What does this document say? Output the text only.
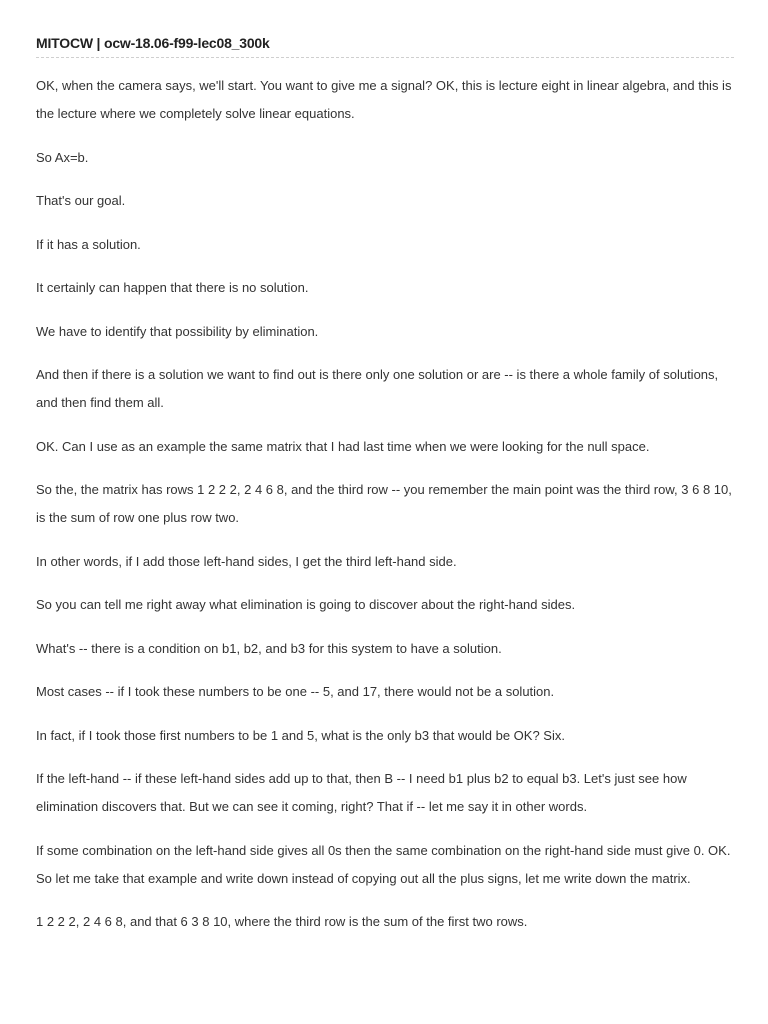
MITOCW | ocw-18.06-f99-lec08_300k

OK, when the camera says, we'll start. You want to give me a signal? OK, this is lecture eight in linear algebra, and this is the lecture where we completely solve linear equations.

So Ax=b.

That's our goal.

If it has a solution.

It certainly can happen that there is no solution.

We have to identify that possibility by elimination.

And then if there is a solution we want to find out is there only one solution or are -- is there a whole family of solutions, and then find them all.

OK. Can I use as an example the same matrix that I had last time when we were looking for the null space.

So the, the matrix has rows 1 2 2 2, 2 4 6 8, and the third row -- you remember the main point was the third row, 3 6 8 10, is the sum of row one plus row two.

In other words, if I add those left-hand sides, I get the third left-hand side.

So you can tell me right away what elimination is going to discover about the right-hand sides.

What's -- there is a condition on b1, b2, and b3 for this system to have a solution.

Most cases -- if I took these numbers to be one -- 5, and 17, there would not be a solution.

In fact, if I took those first numbers to be 1 and 5, what is the only b3 that would be OK? Six.

If the left-hand -- if these left-hand sides add up to that, then B -- I need b1 plus b2 to equal b3. Let's just see how elimination discovers that. But we can see it coming, right? That if -- let me say it in other words.

If some combination on the left-hand side gives all 0s then the same combination on the right-hand side must give 0. OK. So let me take that example and write down instead of copying out all the plus signs, let me write down the matrix.

1 2 2 2, 2 4 6 8, and that 6 3 8 10, where the third row is the sum of the first two rows.
